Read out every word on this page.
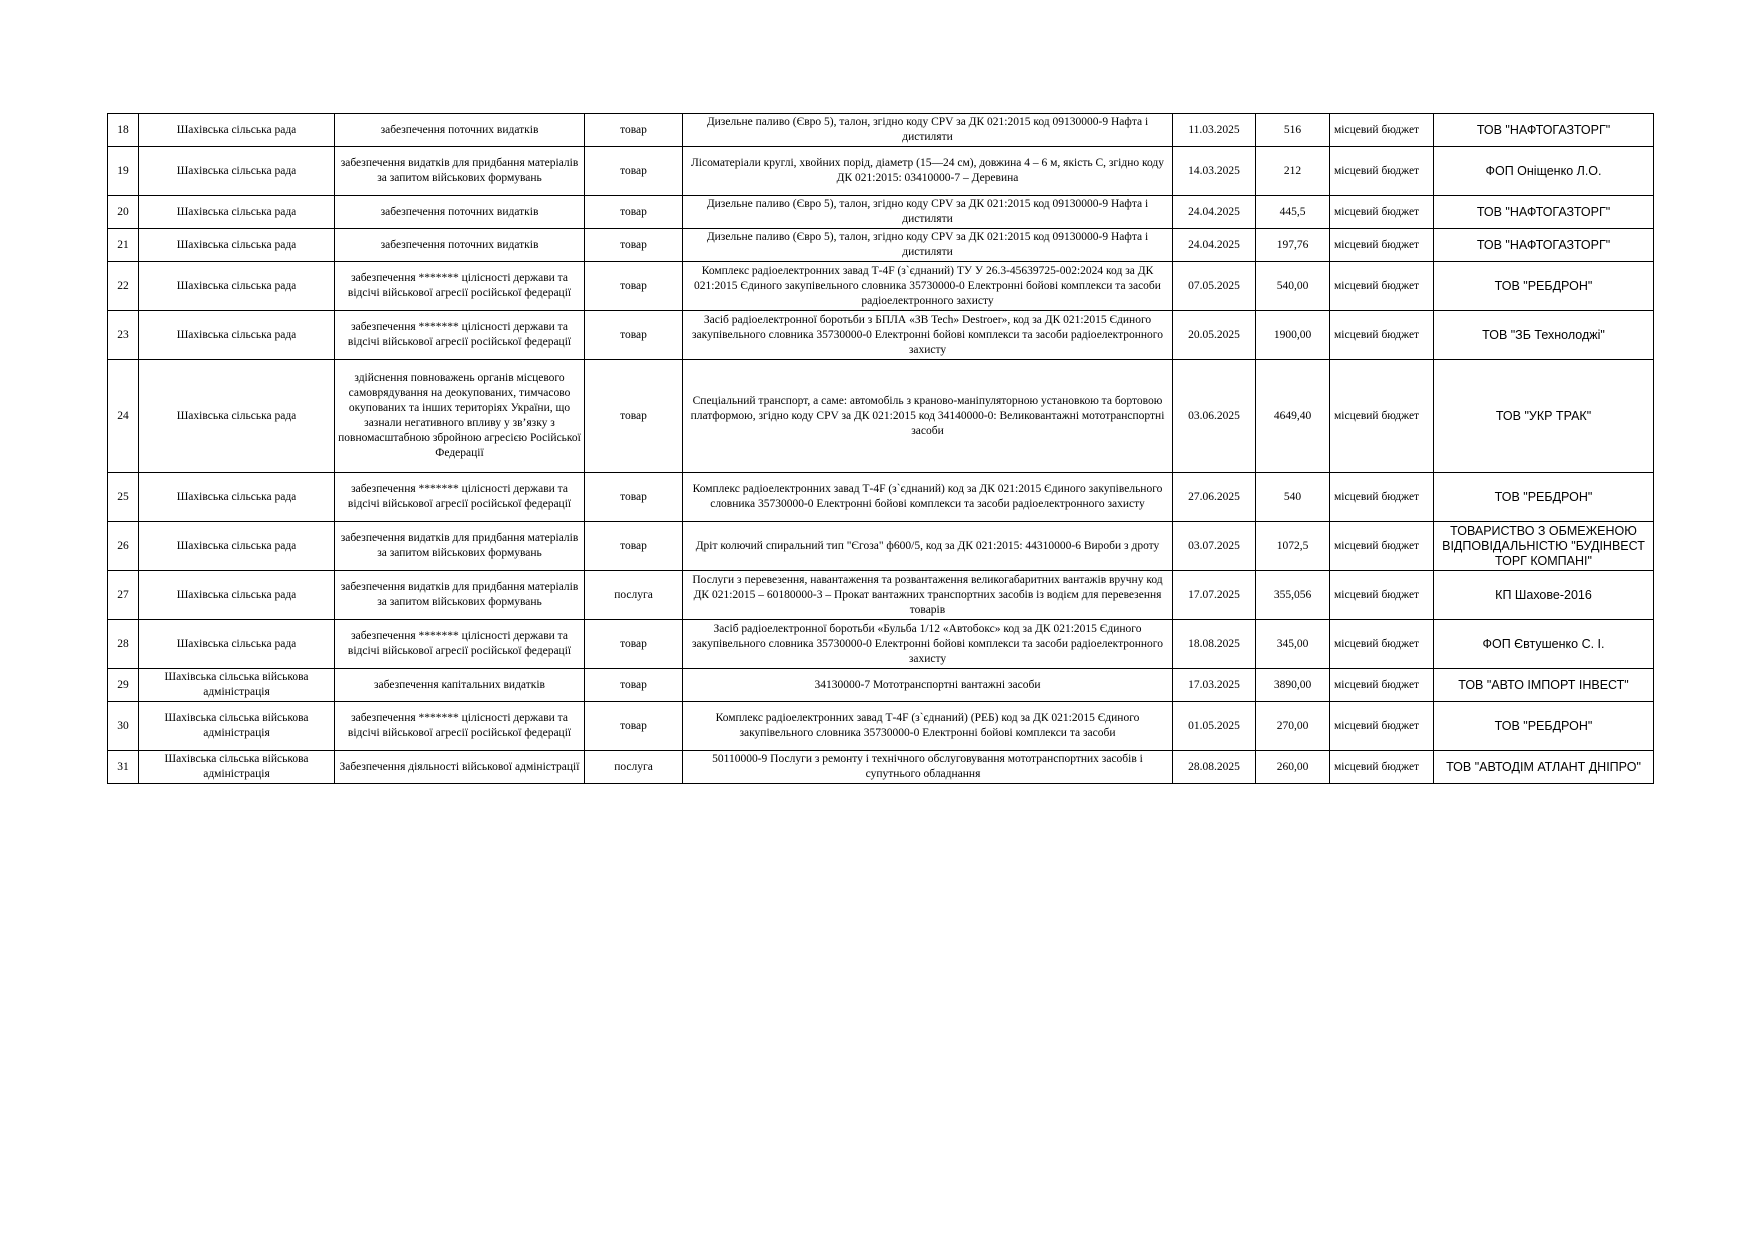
18	Шахівська сільська рада	забезпечення поточних видатків	товар	Дизельне паливо (Євро 5), талон, згідно коду CPV за ДК 021:2015 код 09130000-9 Нафта і дистиляти	11.03.2025	516	місцевий бюджет	ТОВ "НАФТОГАЗТОРГ"
19	Шахівська сільська рада	забезпечення видатків для придбання матеріалів за запитом військових формувань	товар	Лісоматеріали круглі, хвойних порід, діаметр (15—24 см), довжина 4 – 6 м, якість С, згідно коду ДК 021:2015: 03410000-7 – Деревина	14.03.2025	212	місцевий бюджет	ФОП Оніщенко Л.О.
20	Шахівська сільська рада	забезпечення поточних видатків	товар	Дизельне паливо (Євро 5), талон, згідно коду CPV за ДК 021:2015 код 09130000-9 Нафта і дистиляти	24.04.2025	445,5	місцевий бюджет	ТОВ "НАФТОГАЗТОРГ"
21	Шахівська сільська рада	забезпечення поточних видатків	товар	Дизельне паливо (Євро 5), талон, згідно коду CPV за ДК 021:2015 код 09130000-9 Нафта і дистиляти	24.04.2025	197,76	місцевий бюджет	ТОВ "НАФТОГАЗТОРГ"
22	Шахівська сільська рада	забезпечення ******* цілісності держави та відсічі військової агресії російської федерації	товар	Комплекс радіоелектронних завад Т-4F (з`єднаний) ТУ У 26.3-45639725-002:2024 код за ДК 021:2015 Єдиного закупівельного словника 35730000-0 Електронні бойові комплекси та засоби радіоелектронного захисту	07.05.2025	540,00	місцевий бюджет	ТОВ "РЕБДРОН"
23	Шахівська сільська рада	забезпечення ******* цілісності держави та відсічі військової агресії російської федерації	товар	Засіб радіоелектронної боротьби з БПЛА «ЗВ Tech» Destroer», код за ДК 021:2015 Єдиного закупівельного словника 35730000-0 Електронні бойові комплекси та засоби радіоелектронного захисту	20.05.2025	1900,00	місцевий бюджет	ТОВ "ЗБ Технолоджі"
24	Шахівська сільська рада	здійснення повноважень органів місцевого самоврядування на деокупованих, тимчасово окупованих та інших територіях України, що зазнали негативного впливу у зв’язку з повномасштабною збройною агресією Російської Федерації	товар	Спеціальний транспорт, а саме: автомобіль з краново-маніпуляторною установкою та бортовою платформою, згідно коду CPV за ДК 021:2015 код 34140000-0: Великовантажні мототранспортні засоби	03.06.2025	4649,40	місцевий бюджет	ТОВ "УКР ТРАК"
25	Шахівська сільська рада	забезпечення ******* цілісності держави та відсічі військової агресії російської федерації	товар	Комплекс радіоелектронних завад Т-4F (з`єднаний) код за ДК 021:2015 Єдиного закупівельного словника 35730000-0 Електронні бойові комплекси та засоби радіоелектронного захисту	27.06.2025	540	місцевий бюджет	ТОВ "РЕБДРОН"
26	Шахівська сільська рада	забезпечення видатків для придбання матеріалів за запитом військових формувань	товар	Дріт колючий спиральний тип "Єгоза" ф600/5, код за ДК 021:2015: 44310000-6 Вироби з дроту	03.07.2025	1072,5	місцевий бюджет	ТОВАРИСТВО З ОБМЕЖЕНОЮ ВІДПОВІДАЛЬНІСТЮ "БУДІНВЕСТ ТОРГ КОМПАНІ"
27	Шахівська сільська рада	забезпечення видатків для придбання матеріалів за запитом військових формувань	послуга	Послуги з перевезення, навантаження та розвантаження великогабаритних вантажів вручну код ДК 021:2015 – 60180000-3 – Прокат вантажних транспортних засобів із водієм для перевезення товарів	17.07.2025	355,056	місцевий бюджет	КП Шахове-2016
28	Шахівська сільська рада	забезпечення ******* цілісності держави та відсічі військової агресії російської федерації	товар	Засіб радіоелектронної боротьби «Бульба 1/12 «Автобокс» код за ДК 021:2015 Єдиного закупівельного словника 35730000-0 Електронні бойові комплекси та засоби радіоелектронного захисту	18.08.2025	345,00	місцевий бюджет	ФОП Євтушенко С. І.
29	Шахівська сільська військова адміністрація	забезпечення капітальних видатків	товар	34130000-7 Мототранспортні вантажні засоби	17.03.2025	3890,00	місцевий бюджет	ТОВ "АВТО ІМПОРТ ІНВЕСТ"
30	Шахівська сільська військова адміністрація	забезпечення ******* цілісності держави та відсічі військової агресії російської федерації	товар	Комплекс радіоелектронних завад Т-4F (з`єднаний) (РЕБ) код за ДК 021:2015 Єдиного закупівельного словника 35730000-0 Електронні бойові комплекси та засоби	01.05.2025	270,00	місцевий бюджет	ТОВ "РЕБДРОН"
31	Шахівська сільська військова адміністрація	Забезпечення діяльності військової адміністрації	послуга	50110000-9 Послуги з ремонту і технічного обслуговування мототранспортних засобів і супутнього обладнання 	28.08.2025	260,00	місцевий бюджет	ТОВ "АВТОДІМ АТЛАНТ ДНІПРО"
